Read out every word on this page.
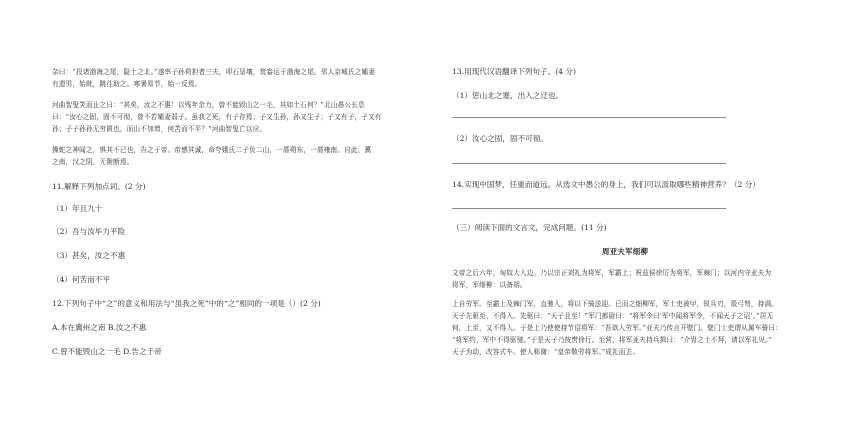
杂曰：“投诸渤海之尾，隐土之北。”遂率子孙荷担者三夫，叩石垦壤，箕畚运于渤海之尾。邻人京城氏之孀妻
有遗男，始龀，跳往助之。寒暑易节，始一反焉。
河曲智叟笑而止之曰：“甚矣，汝之不惠！以残年余力，曾不能毁山之一毛，其如土石何？”北山愚公长息
曰：“汝心之固，固不可彻，曾不若孀妻弱子。虽我之死，有子存焉；子又生孙，孙又生子；子又有子，子又有
孙；子子孙孙无穷匮也，而山不加增，何苦而不平？”河曲智叟亡以应。
操蛇之神闻之，惧其不已也，告之于帝。帝感其诚，命夸娥氏二子负二山，一厝朔东，一厝雍南。自此，冀
之南，汉之阴，无陇断焉。
11.解释下列加点词。(2 分)
（1）年且九十
（2）吾与汝毕力平险
（3）甚矣，汝之不惠
（4）何苦而不平
12.下列句子中“之”的意义和用法与“虽我之死”中的“之”相同的一项是（）(2 分)
A.本在冀州之南 B.汝之不惠
C.曾不能毁山之一毛 D.告之于帝
13.用现代汉语翻译下列句子。(4 分)
（1）惩山北之塞，出入之迂也。
（2）汝心之固，固不可彻。
14.实现中国梦，任重而道远。从选文中愚公的身上，我们可以汲取哪些精神营养？（2 分）
（三）阅读下面的文言文，完成问题。(11 分)
周亚夫军细柳
文帝之后六年，匈奴大入边。乃以宗正刘礼为将军，军霸上；祝兹侯徐厉为将军，军棘门；以河内守亚夫为
将军，军细柳：以备胡。
上自劳军。至霸上及棘门军，直驰入，将以下骑送迎。已而之细柳军，军士吏被甲，锐兵刃，彀弓弩，持满。
天子先驱至，不得入。先驱曰：“天子且至！”军门都尉曰：“将军令曰‘军中闻将军令，不闻天子之诏’。”居无
何，上至，又不得入。于是上乃使使持节诏将军：“吾欲入劳军。”亚夫乃传言开壁门。壁门士吏谓从属车骑曰：
“将军约，军中不得驱驰。”于是天子乃按辔徐行。至营，将军亚夫持兵揖曰：“介胄之士不拜，请以军礼见。”
天子为动，改容式车。使人称谢：“皇帝敬劳将军。”成礼而去。
